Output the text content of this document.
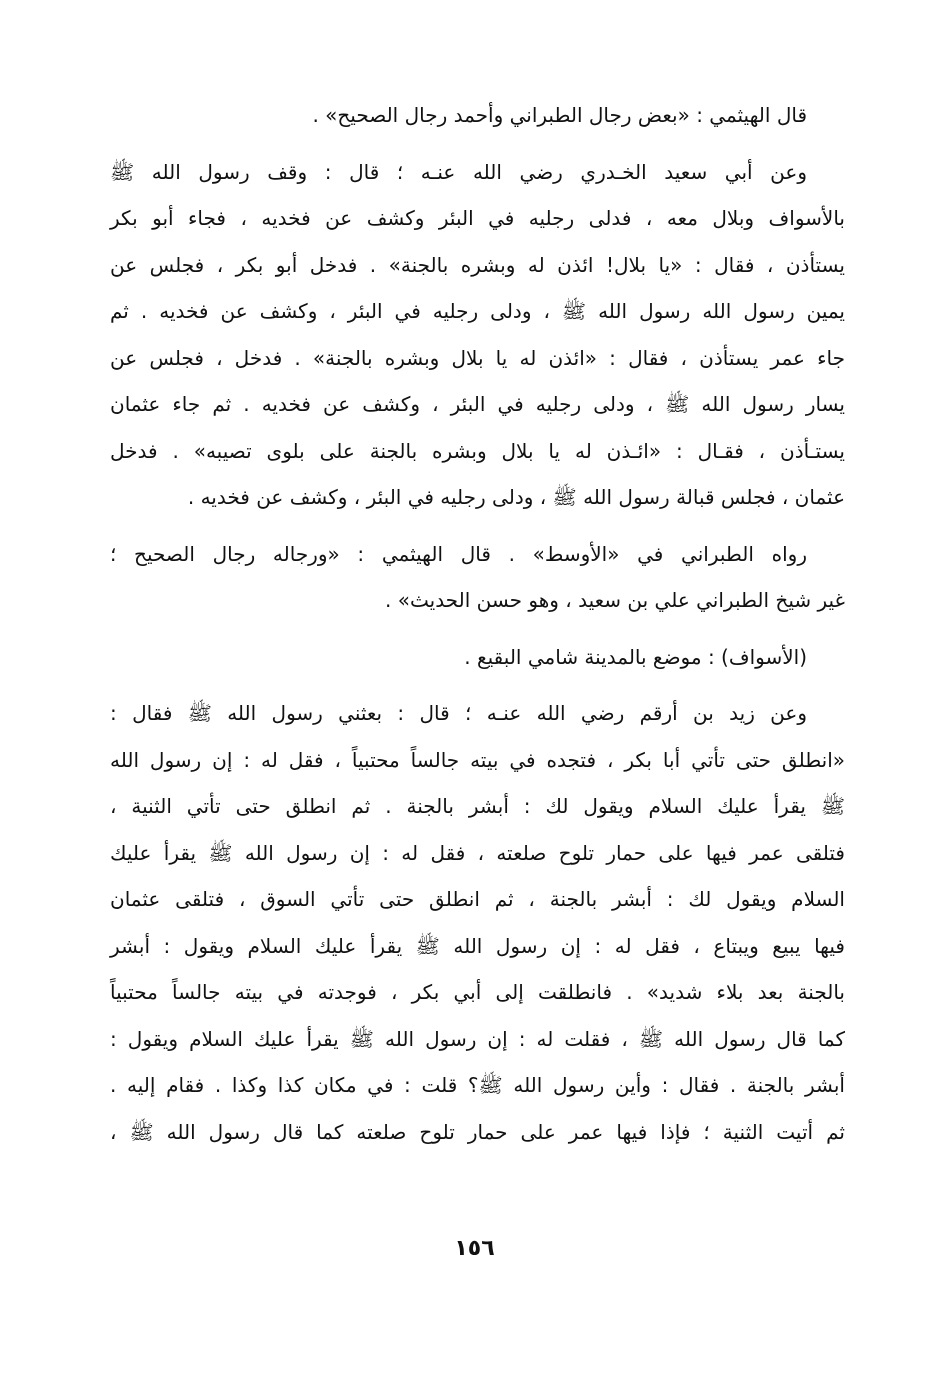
قال الهيثمي : «بعض رجال الطبراني وأحمد رجال الصحيح» .

وعن أبي سعيد الخـدري رضي الله عنـه ؛ قال : وقف رسول الله ﷺ
بالأسواف وبلال معه ، فدلى رجليه في البئر وكشف عن فخديه ، فجاء أبو بكر
يستأذن ، فقال : «يا بلال! ائذن له وبشره بالجنة» . فدخل أبو بكر ، فجلس عن
يمين رسول الله رسول الله ﷺ ، ودلى رجليه في البئر ، وكشف عن فخديه . ثم
جاء عمر يستأذن ، فقال : «ائذن له يا بلال وبشره بالجنة» . فدخل ، فجلس عن
يسار رسول الله ﷺ ، ودلى رجليه في البئر ، وكشف عن فخديه . ثم جاء عثمان
يستـأذن ، فقـال : «ائـذن له يا بلال وبشره بالجنة على بلوى تصيبه» . فدخل
عثمان ، فجلس قبالة رسول الله ﷺ ، ودلى رجليه في البئر ، وكشف عن فخديه .

رواه الطبراني في «الأوسط» . قال الهيثمي : «ورجاله رجال الصحيح ؛
غير شيخ الطبراني علي بن سعيد ، وهو حسن الحديث» .

(الأسواف) : موضع بالمدينة شامي البقيع .

وعن زيد بن أرقم رضي الله عنـه ؛ قال : بعثني رسول الله ﷺ فقال :
«انطلق حتى تأتي أبا بكر ، فتجده في بيته جالساً محتبياً ، فقل له : إن رسول الله
ﷺ يقرأ عليك السلام ويقول لك : أبشر بالجنة . ثم انطلق حتى تأتي الثنية ،
فتلقى عمر فيها على حمار تلوح صلعته ، فقل له : إن رسول الله ﷺ يقرأ عليك
السلام ويقول لك : أبشر بالجنة ، ثم انطلق حتى تأتي السوق ، فتلقى عثمان
فيها يبيع ويبتاع ، فقل له : إن رسول الله ﷺ يقرأ عليك السلام ويقول : أبشر
بالجنة بعد بلاء شديد» . فانطلقت إلى أبي بكر ، فوجدته في بيته جالساً محتبياً
كما قال رسول الله ﷺ ، فقلت له : إن رسول الله ﷺ يقرأ عليك السلام ويقول :
أبشر بالجنة . فقال : وأين رسول الله ﷺ؟ قلت : في مكان كذا وكذا . فقام إليه .
ثم أتيت الثنية ؛ فإذا فيها عمر على حمار تلوح صلعته كما قال رسول الله ﷺ ،

١٥٦
